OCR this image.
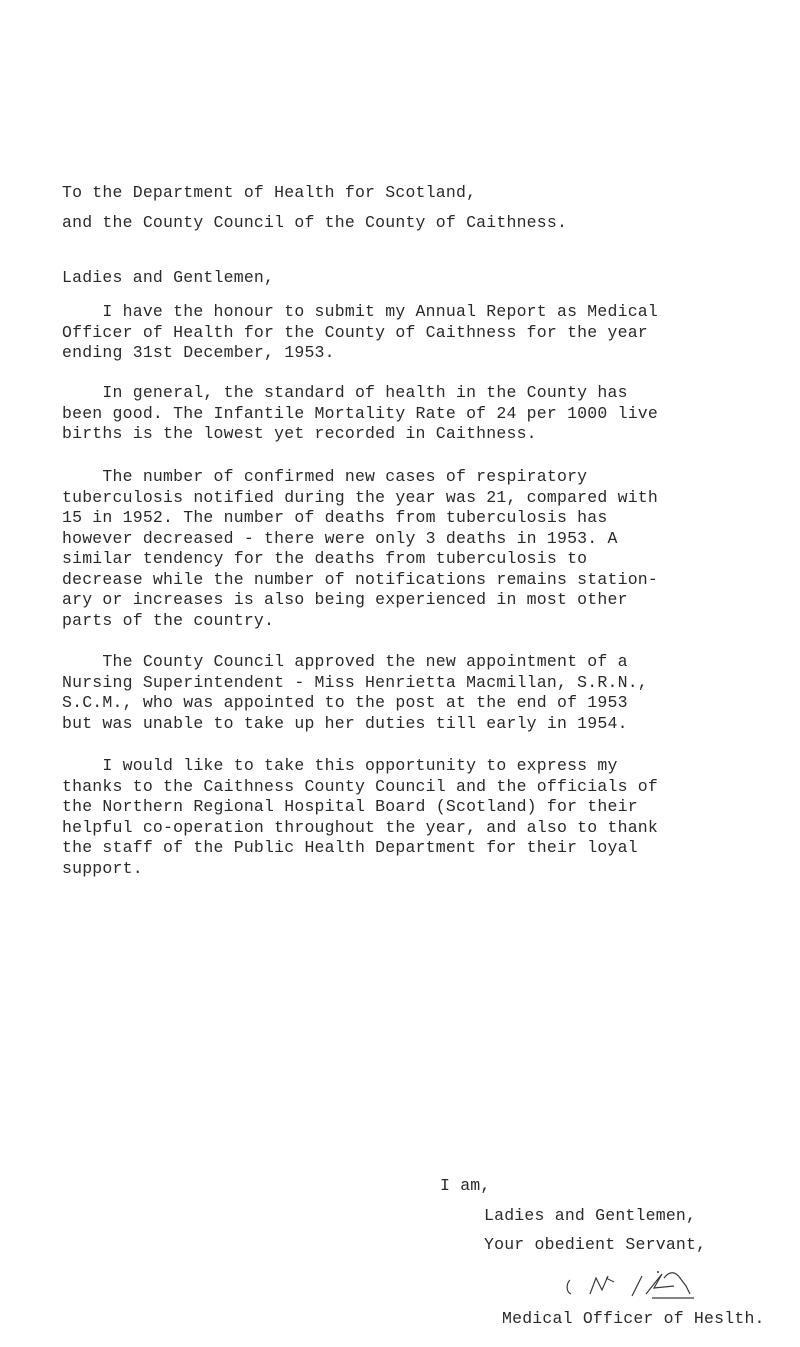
To the Department of Health for Scotland,
and the County Council of the County of Caithness.
Ladies and Gentlemen,
I have the honour to submit my Annual Report as Medical
Officer of Health for the County of Caithness for the year
ending 31st December, 1953.
In general, the standard of health in the County has
been good. The Infantile Mortality Rate of 24 per 1000 live
births is the lowest yet recorded in Caithness.
The number of confirmed new cases of respiratory
tuberculosis notified during the year was 21, compared with
15 in 1952. The number of deaths from tuberculosis has
however decreased - there were only 3 deaths in 1953. A
similar tendency for the deaths from tuberculosis to
decrease while the number of notifications remains station-
ary or increases is also being experienced in most other
parts of the country.
The County Council approved the new appointment of a
Nursing Superintendent - Miss Henrietta Macmillan, S.R.N.,
S.C.M., who was appointed to the post at the end of 1953
but was unable to take up her duties till early in 1954.
I would like to take this opportunity to express my
thanks to the Caithness County Council and the officials of
the Northern Regional Hospital Board (Scotland) for their
helpful co-operation throughout the year, and also to thank
the staff of the Public Health Department for their loyal
support.
I am,
Ladies and Gentlemen,
Your obedient Servant,
Medical Officer of Heslth.
